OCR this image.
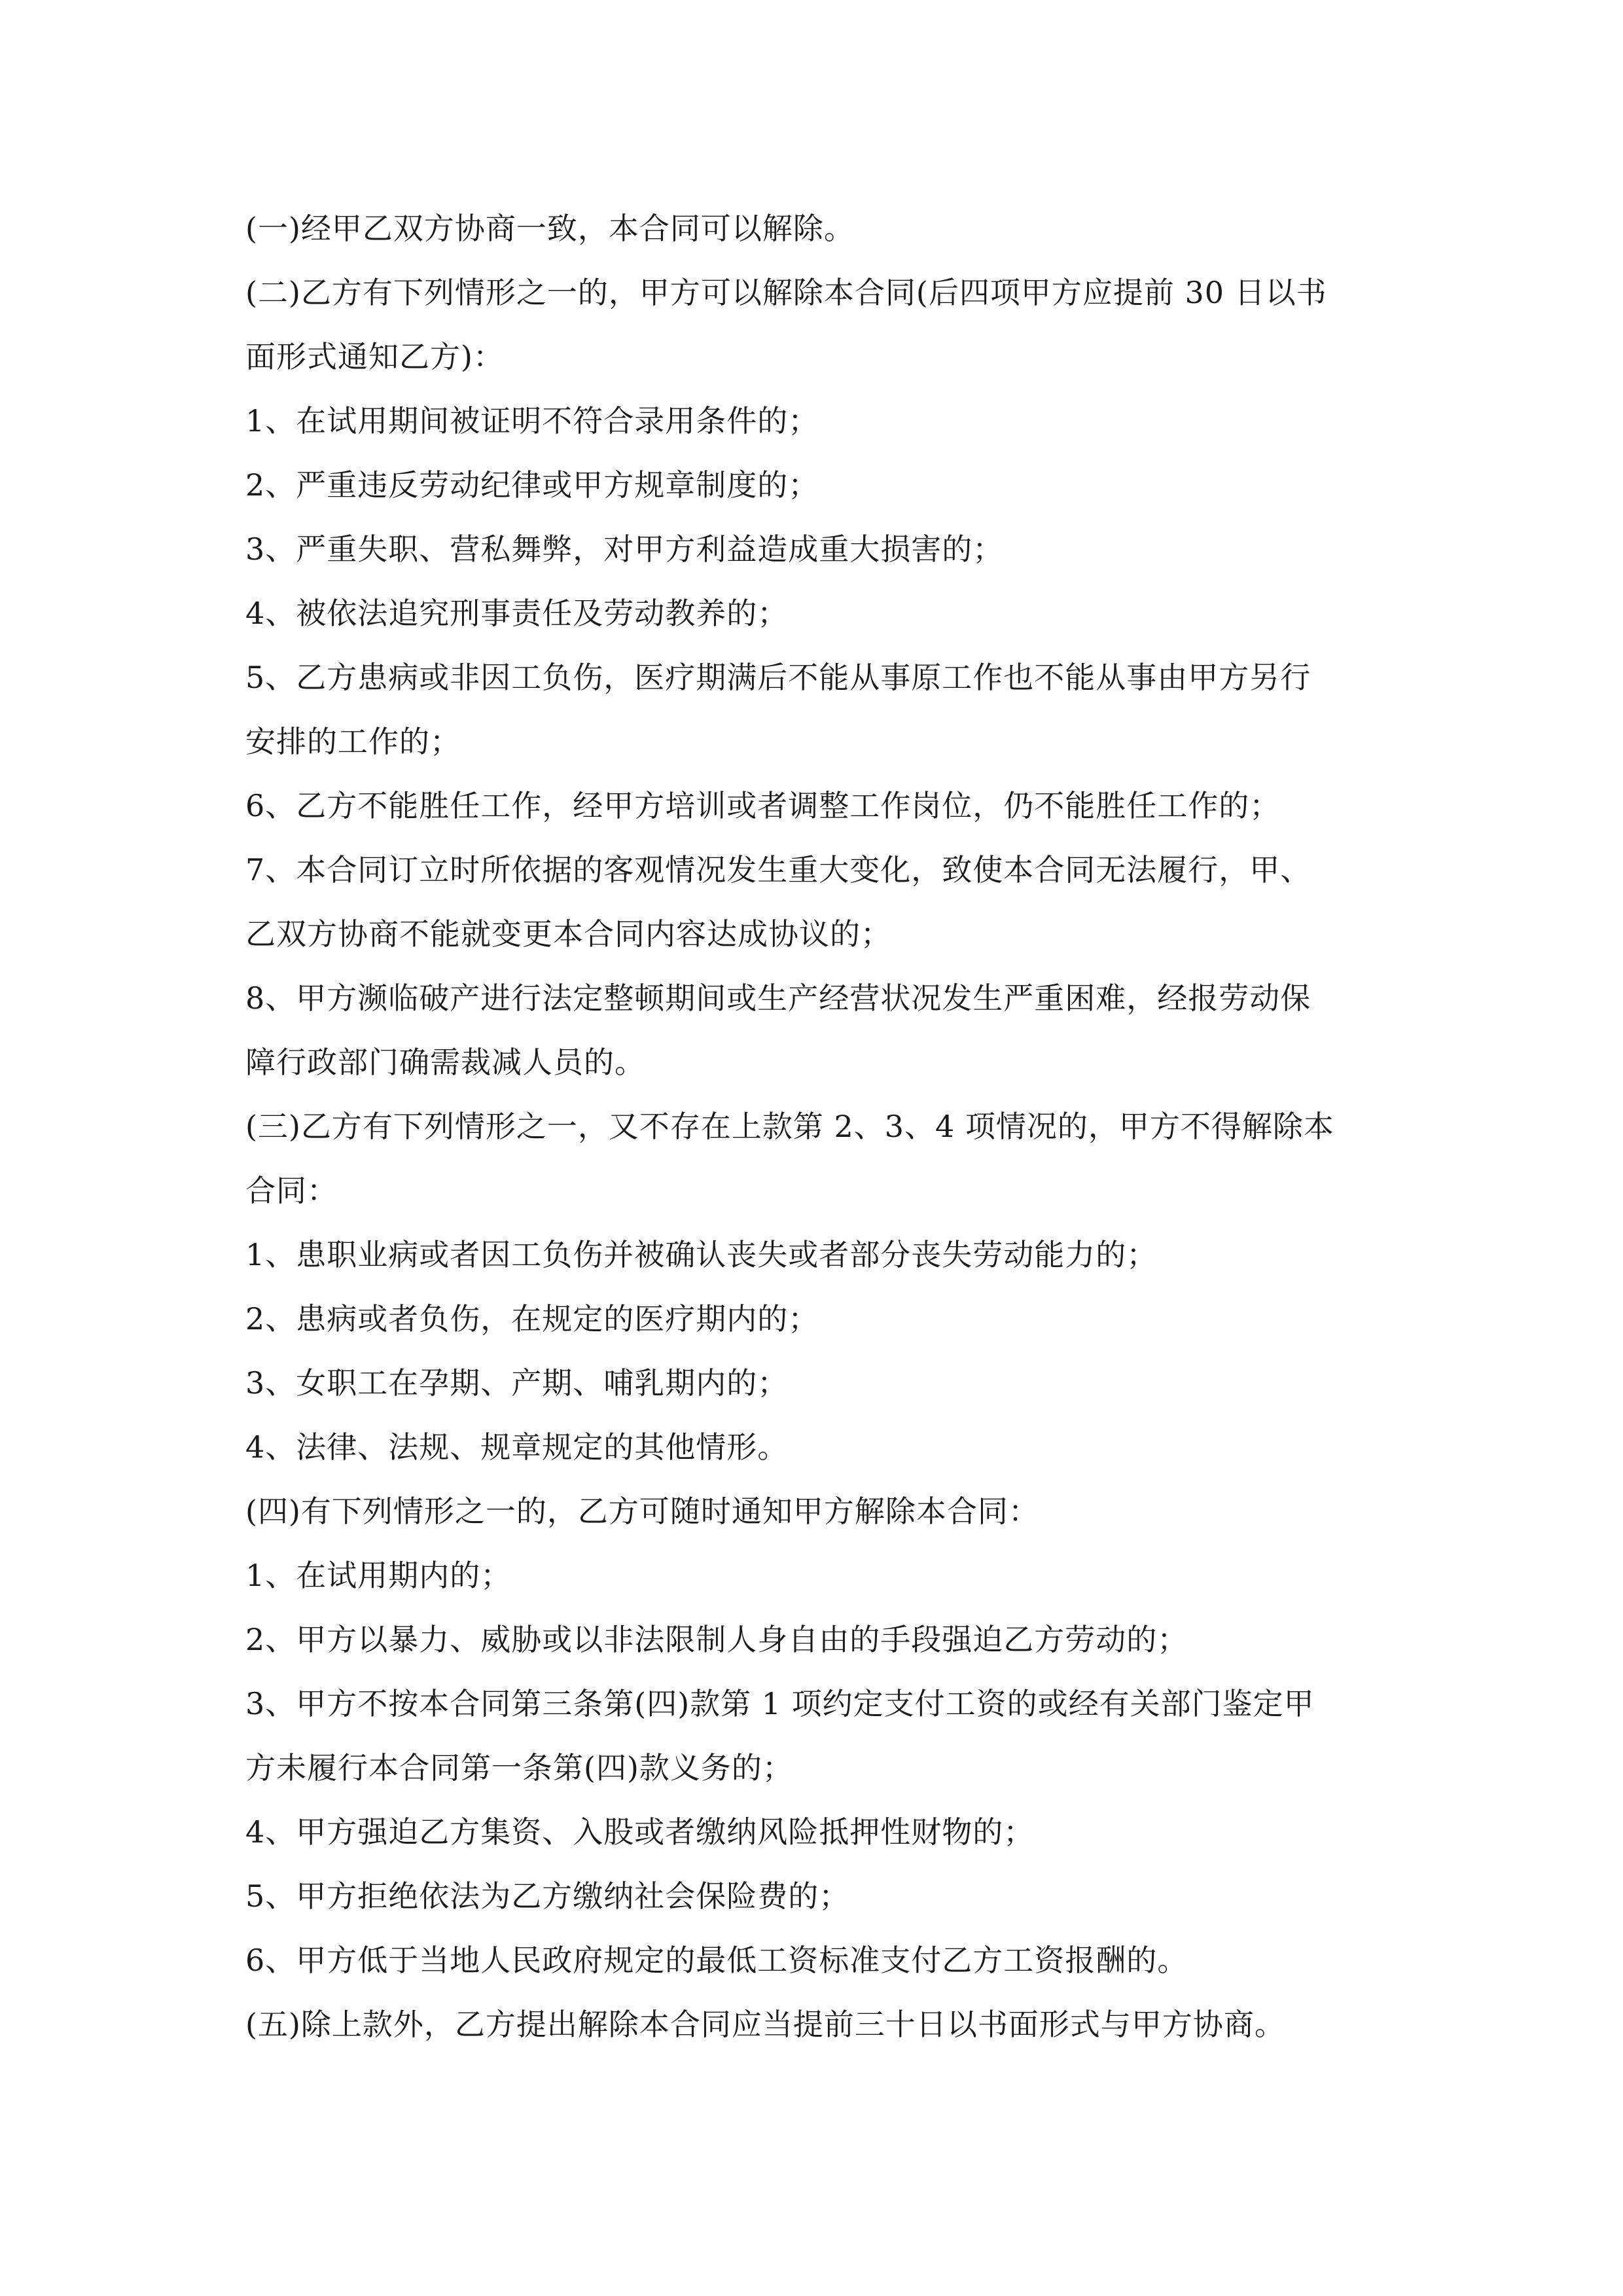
(一)经甲乙双方协商一致，本合同可以解除。
(二)乙方有下列情形之一的，甲方可以解除本合同(后四项甲方应提前 30 日以书
面形式通知乙方)：
1、在试用期间被证明不符合录用条件的；
2、严重违反劳动纪律或甲方规章制度的；
3、严重失职、营私舞弊，对甲方利益造成重大损害的；
4、被依法追究刑事责任及劳动教养的；
5、乙方患病或非因工负伤，医疗期满后不能从事原工作也不能从事由甲方另行
安排的工作的；
6、乙方不能胜任工作，经甲方培训或者调整工作岗位，仍不能胜任工作的；
7、本合同订立时所依据的客观情况发生重大变化，致使本合同无法履行，甲、
乙双方协商不能就变更本合同内容达成协议的；
8、甲方濒临破产进行法定整顿期间或生产经营状况发生严重困难，经报劳动保
障行政部门确需裁减人员的。
(三)乙方有下列情形之一，又不存在上款第 2、3、4 项情况的，甲方不得解除本
合同：
1、患职业病或者因工负伤并被确认丧失或者部分丧失劳动能力的；
2、患病或者负伤，在规定的医疗期内的；
3、女职工在孕期、产期、哺乳期内的；
4、法律、法规、规章规定的其他情形。
(四)有下列情形之一的，乙方可随时通知甲方解除本合同：
1、在试用期内的；
2、甲方以暴力、威胁或以非法限制人身自由的手段强迫乙方劳动的；
3、甲方不按本合同第三条第(四)款第 1 项约定支付工资的或经有关部门鉴定甲
方未履行本合同第一条第(四)款义务的；
4、甲方强迫乙方集资、入股或者缴纳风险抵押性财物的；
5、甲方拒绝依法为乙方缴纳社会保险费的；
6、甲方低于当地人民政府规定的最低工资标准支付乙方工资报酬的。
(五)除上款外，乙方提出解除本合同应当提前三十日以书面形式与甲方协商。
